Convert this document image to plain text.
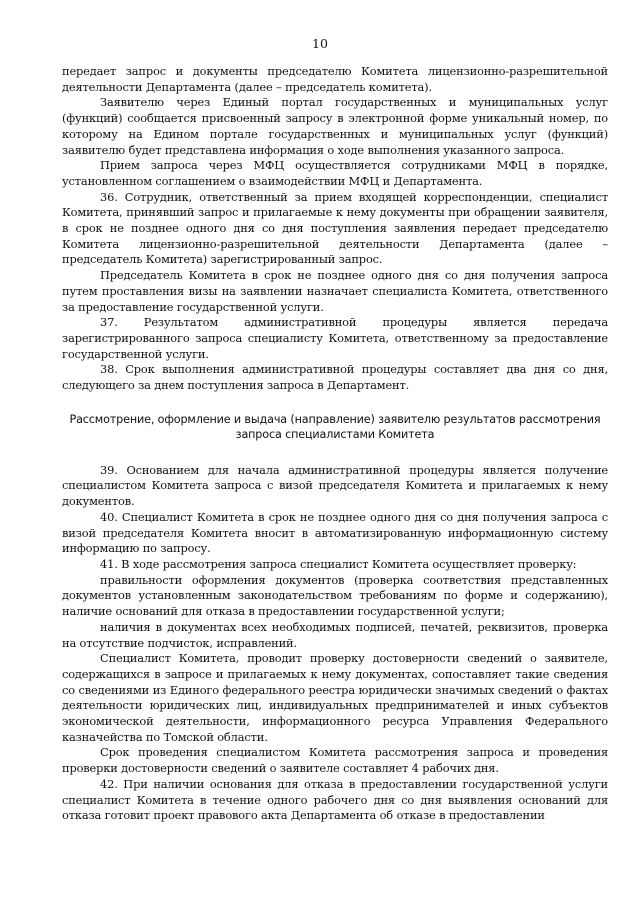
10

передает запрос и документы председателю Комитета лицензионно-разрешительной деятельности Департамента (далее – председатель комитета).

Заявителю через Единый портал государственных и муниципальных услуг (функций) сообщается присвоенный запросу в электронной форме уникальный номер, по которому на Едином портале государственных и муниципальных услуг (функций) заявителю будет представлена информация о ходе выполнения указанного запроса.

Прием запроса через МФЦ осуществляется сотрудниками МФЦ в порядке, установленном соглашением о взаимодействии МФЦ и Департамента.

36. Сотрудник, ответственный за прием входящей корреспонденции, специалист Комитета, принявший запрос и прилагаемые к нему документы при обращении заявителя, в срок не позднее одного дня со дня поступления заявления передает председателю Комитета лицензионно-разрешительной деятельности Департамента (далее – председатель Комитета) зарегистрированный запрос.

Председатель Комитета в срок не позднее одного дня со дня получения запроса путем проставления визы на заявлении назначает специалиста Комитета, ответственного за предоставление государственной услуги.

37. Результатом административной процедуры является передача зарегистрированного запроса специалисту Комитета, ответственному за предоставление государственной услуги.

38. Срок выполнения административной процедуры составляет два дня со дня, следующего за днем поступления запроса в Департамент.

Рассмотрение, оформление и выдача (направление) заявителю результатов рассмотрения запроса специалистами Комитета

39. Основанием для начала административной процедуры является получение специалистом Комитета запроса с визой председателя Комитета и прилагаемых к нему документов.

40. Специалист Комитета в срок не позднее одного дня со дня получения запроса с визой председателя Комитета вносит в автоматизированную информационную систему информацию по запросу.

41. В ходе рассмотрения запроса специалист Комитета осуществляет проверку:

правильности оформления документов (проверка соответствия представленных документов установленным законодательством требованиям по форме и содержанию), наличие оснований для отказа в предоставлении государственной услуги;

наличия в документах всех необходимых подписей, печатей, реквизитов, проверка на отсутствие подчисток, исправлений.

Специалист Комитета, проводит проверку достоверности сведений о заявителе, содержащихся в запросе и прилагаемых к нему документах, сопоставляет такие сведения со сведениями из Единого федерального реестра юридически значимых сведений о фактах деятельности юридических лиц, индивидуальных предпринимателей и иных субъектов экономической деятельности, информационного ресурса Управления Федерального казначейства по Томской области.

Срок проведения специалистом Комитета рассмотрения запроса и проведения проверки достоверности сведений о заявителе составляет 4 рабочих дня.

42. При наличии основания для отказа в предоставлении государственной услуги специалист Комитета в течение одного рабочего дня со дня выявления оснований для отказа готовит проект правового акта Департамента об отказе в предоставлении
